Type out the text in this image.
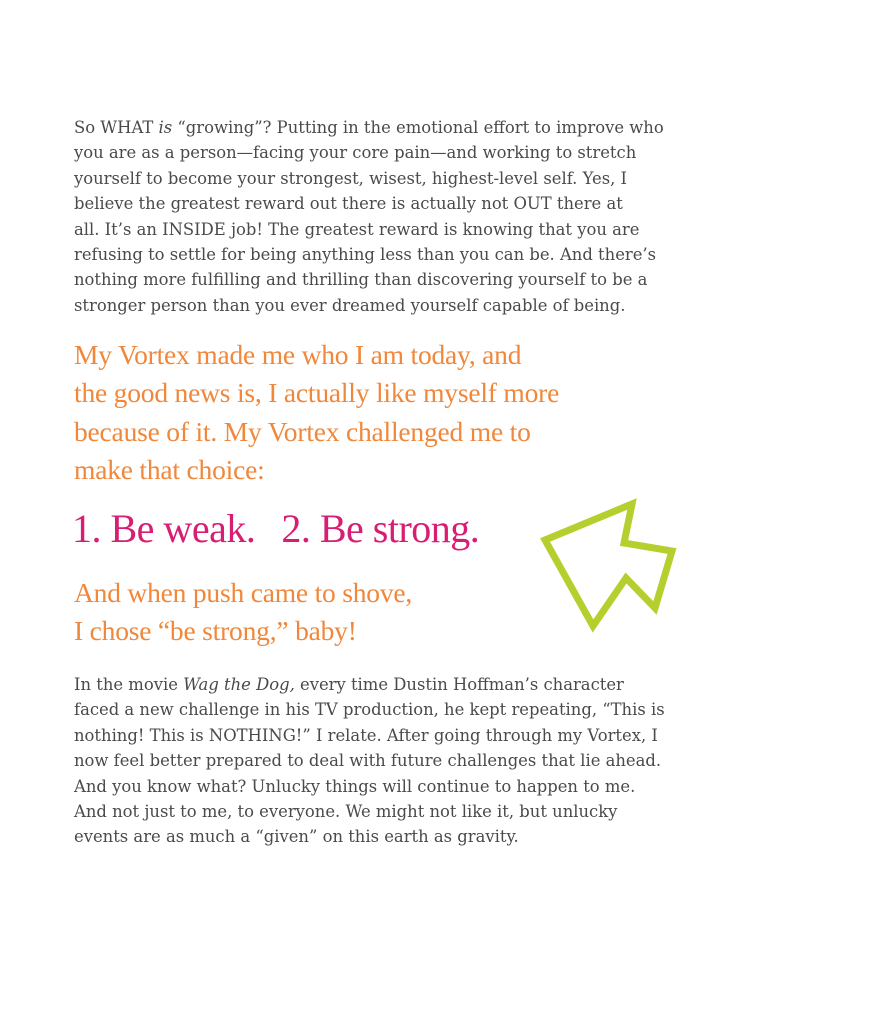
So WHAT is “growing”? Putting in the emotional effort to improve who
you are as a person—facing your core pain—and working to stretch
yourself to become your strongest, wisest, highest-level self. Yes, I
believe the greatest reward out there is actually not OUT there at
all. It’s an INSIDE job! The greatest reward is knowing that you are
refusing to settle for being anything less than you can be. And there’s
nothing more fulfilling and thrilling than discovering yourself to be a
stronger person than you ever dreamed yourself capable of being.

My Vortex made me who I am today, and
the good news is, I actually like myself more
because of it. My Vortex challenged me to
make that choice:

1. Be weak. 2. Be strong.

And when push came to shove,
I chose “be strong,” baby!

In the movie Wag the Dog, every time Dustin Hoffman’s character
faced a new challenge in his TV production, he kept repeating, “This is
nothing! This is NOTHING!” I relate. After going through my Vortex, I
now feel better prepared to deal with future challenges that lie ahead.
And you know what? Unlucky things will continue to happen to me.
And not just to me, to everyone. We might not like it, but unlucky
events are as much a “given” on this earth as gravity.
